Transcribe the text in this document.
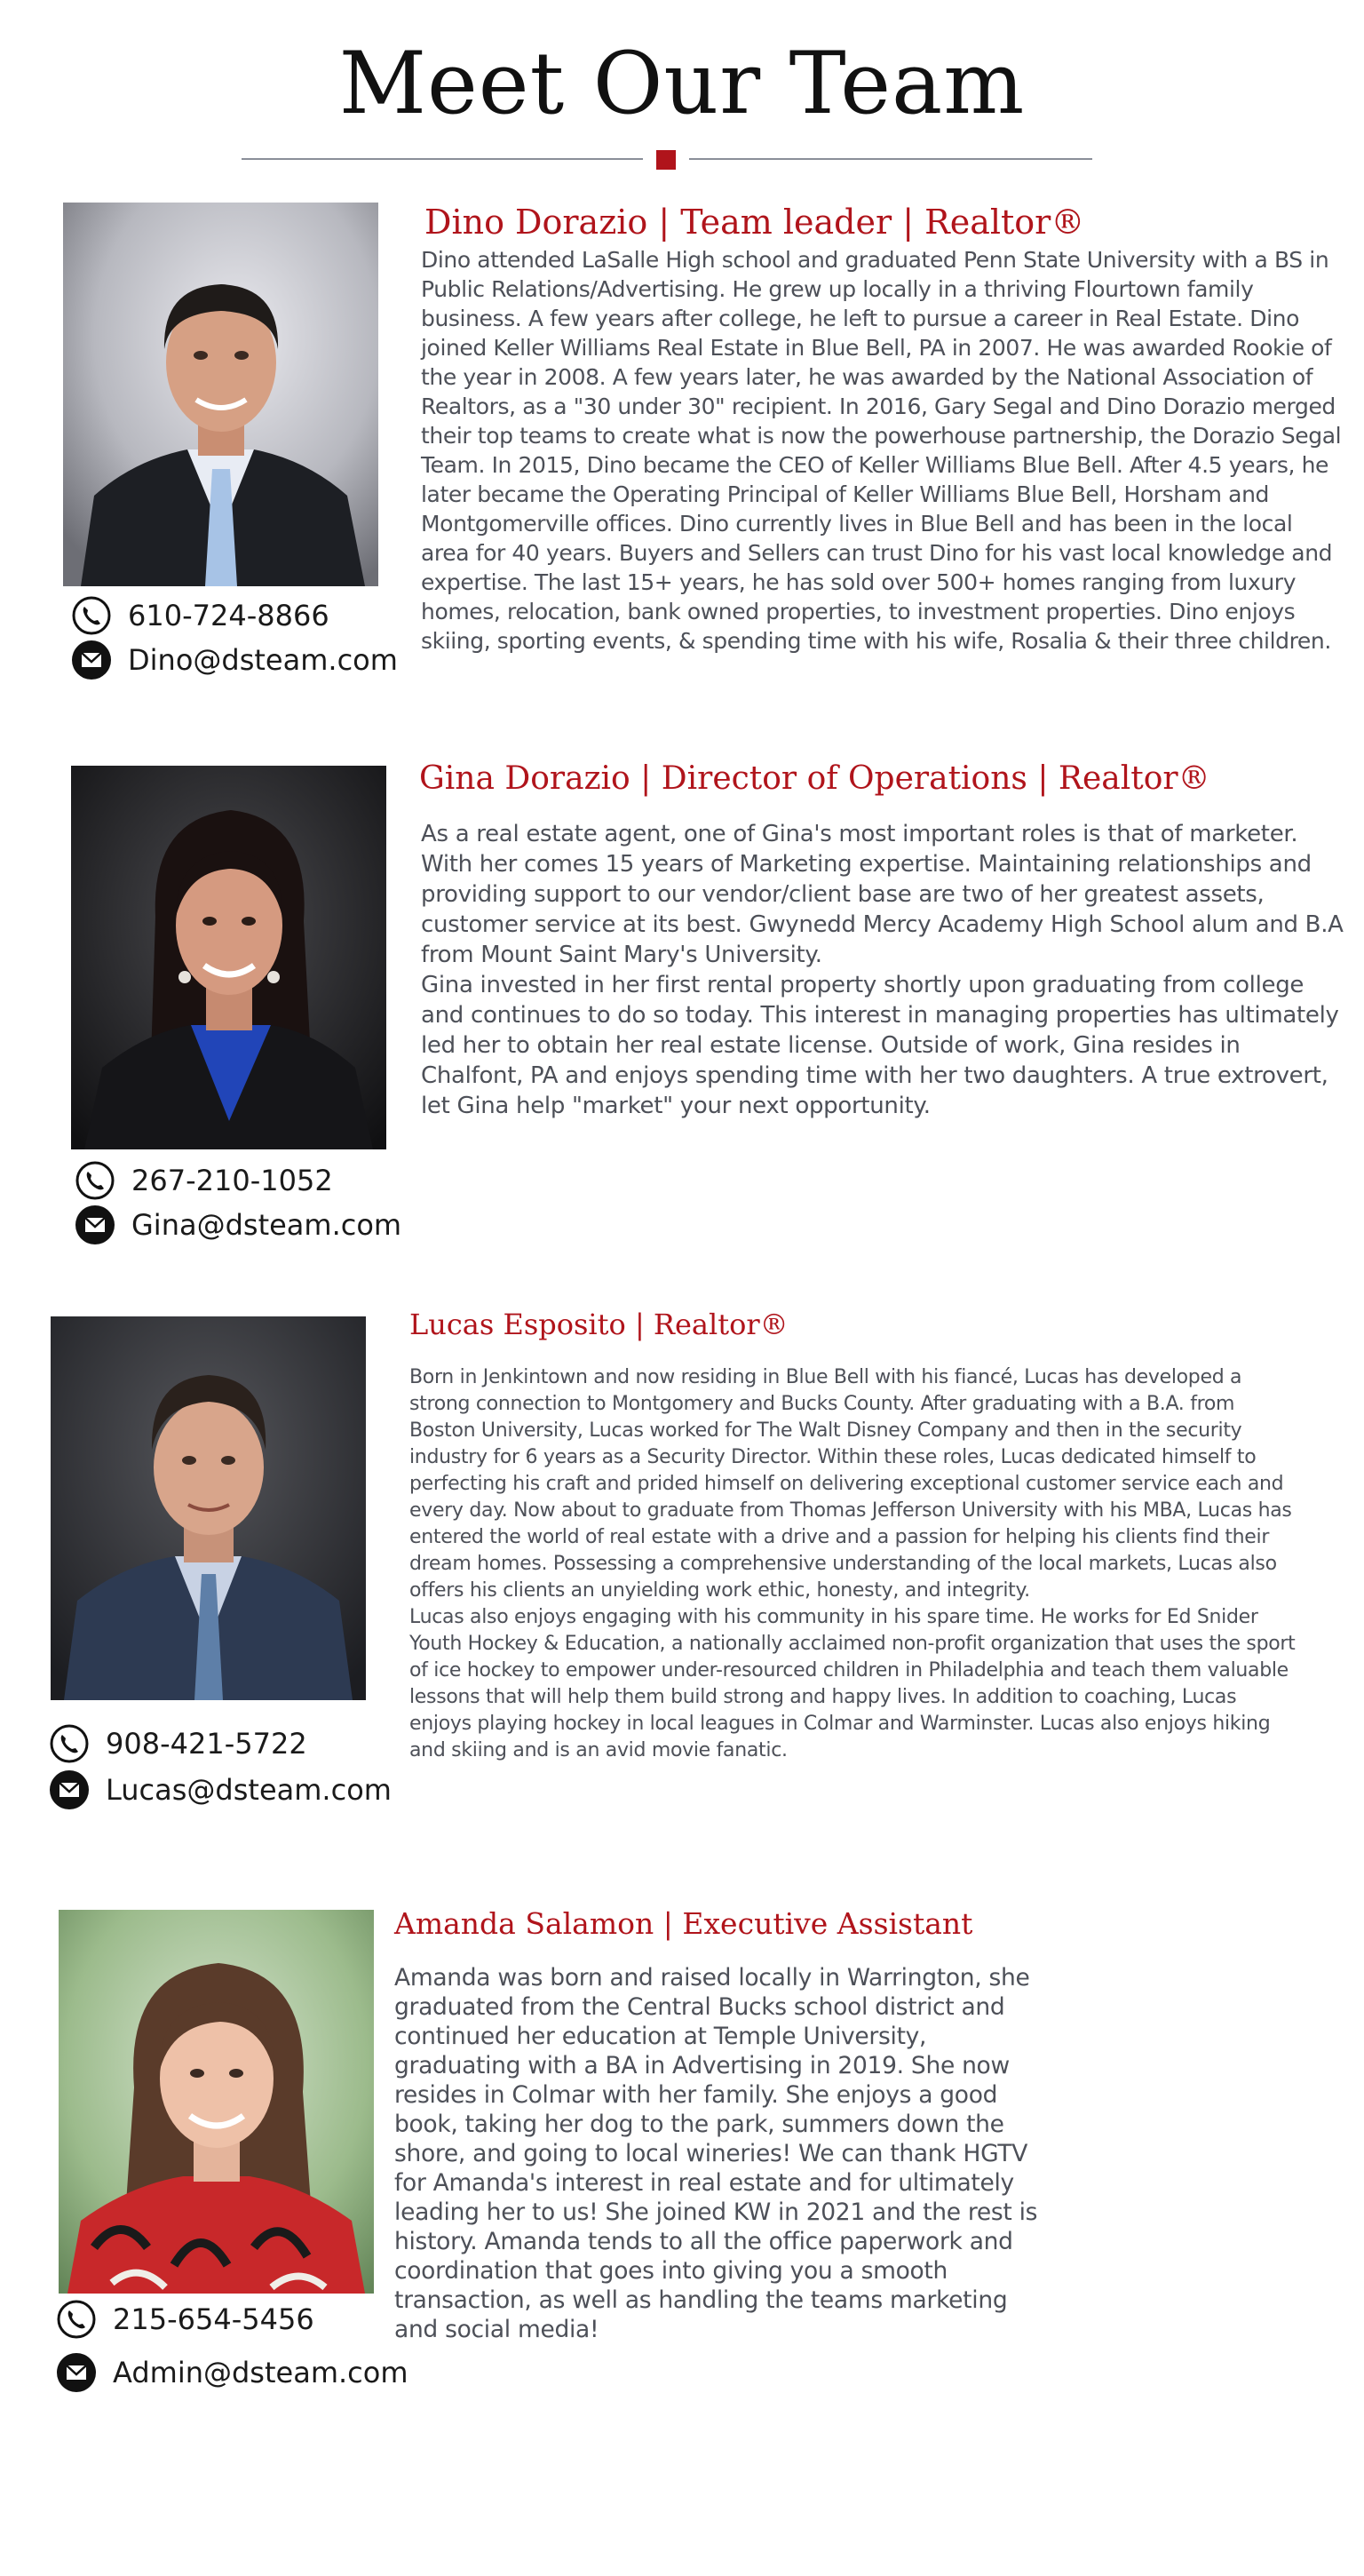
Meet Our Team
610-724-8866
Dino@dsteam.com
Dino Dorazio | Team leader | Realtor®

Dino attended LaSalle High school and graduated Penn State University with a BS in Public Relations/Advertising. He grew up locally in a thriving Flourtown family business. A few years after college, he left to pursue a career in Real Estate. Dino joined Keller Williams Real Estate in Blue Bell, PA in 2007. He was awarded Rookie of the year in 2008. A few years later, he was awarded by the National Association of Realtors, as a "30 under 30" recipient. In 2016, Gary Segal and Dino Dorazio merged their top teams to create what is now the powerhouse partnership, the Dorazio Segal Team. In 2015, Dino became the CEO of Keller Williams Blue Bell. After 4.5 years, he later became the Operating Principal of Keller Williams Blue Bell, Horsham and Montgomerville offices. Dino currently lives in Blue Bell and has been in the local area for 40 years. Buyers and Sellers can trust Dino for his vast local knowledge and expertise. The last 15+ years, he has sold over 500+ homes ranging from luxury homes, relocation, bank owned properties, to investment properties. Dino enjoys skiing, sporting events, & spending time with his wife, Rosalia & their three children.

267-210-1052
Gina@dsteam.com
Gina Dorazio | Director of Operations | Realtor®

As a real estate agent, one of Gina's most important roles is that of marketer. With her comes 15 years of Marketing expertise. Maintaining relationships and providing support to our vendor/client base are two of her greatest assets, customer service at its best. Gwynedd Mercy Academy High School alum and B.A from Mount Saint Mary's University.

Gina invested in her first rental property shortly upon graduating from college and continues to do so today. This interest in managing properties has ultimately led her to obtain her real estate license. Outside of work, Gina resides in Chalfont, PA and enjoys spending time with her two daughters. A true extrovert, let Gina help "market" your next opportunity.

908-421-5722
Lucas@dsteam.com
Lucas Esposito | Realtor®

Born in Jenkintown and now residing in Blue Bell with his fiancé, Lucas has developed a strong connection to Montgomery and Bucks County. After graduating with a B.A. from Boston University, Lucas worked for The Walt Disney Company and then in the security industry for 6 years as a Security Director. Within these roles, Lucas dedicated himself to perfecting his craft and prided himself on delivering exceptional customer service each and every day. Now about to graduate from Thomas Jefferson University with his MBA, Lucas has entered the world of real estate with a drive and a passion for helping his clients find their dream homes. Possessing a comprehensive understanding of the local markets, Lucas also offers his clients an unyielding work ethic, honesty, and integrity.

Lucas also enjoys engaging with his community in his spare time. He works for Ed Snider Youth Hockey & Education, a nationally acclaimed non-profit organization that uses the sport of ice hockey to empower under-resourced children in Philadelphia and teach them valuable lessons that will help them build strong and happy lives. In addition to coaching, Lucas enjoys playing hockey in local leagues in Colmar and Warminster. Lucas also enjoys hiking and skiing and is an avid movie fanatic.

215-654-5456
Admin@dsteam.com
Amanda Salamon | Executive Assistant

Amanda was born and raised locally in Warrington, she graduated from the Central Bucks school district and continued her education at Temple University, graduating with a BA in Advertising in 2019. She now resides in Colmar with her family. She enjoys a good book, taking her dog to the park, summers down the shore, and going to local wineries! We can thank HGTV for Amanda's interest in real estate and for ultimately leading her to us! She joined KW in 2021 and the rest is history. Amanda tends to all the office paperwork and coordination that goes into giving you a smooth transaction, as well as handling the teams marketing and social media!
